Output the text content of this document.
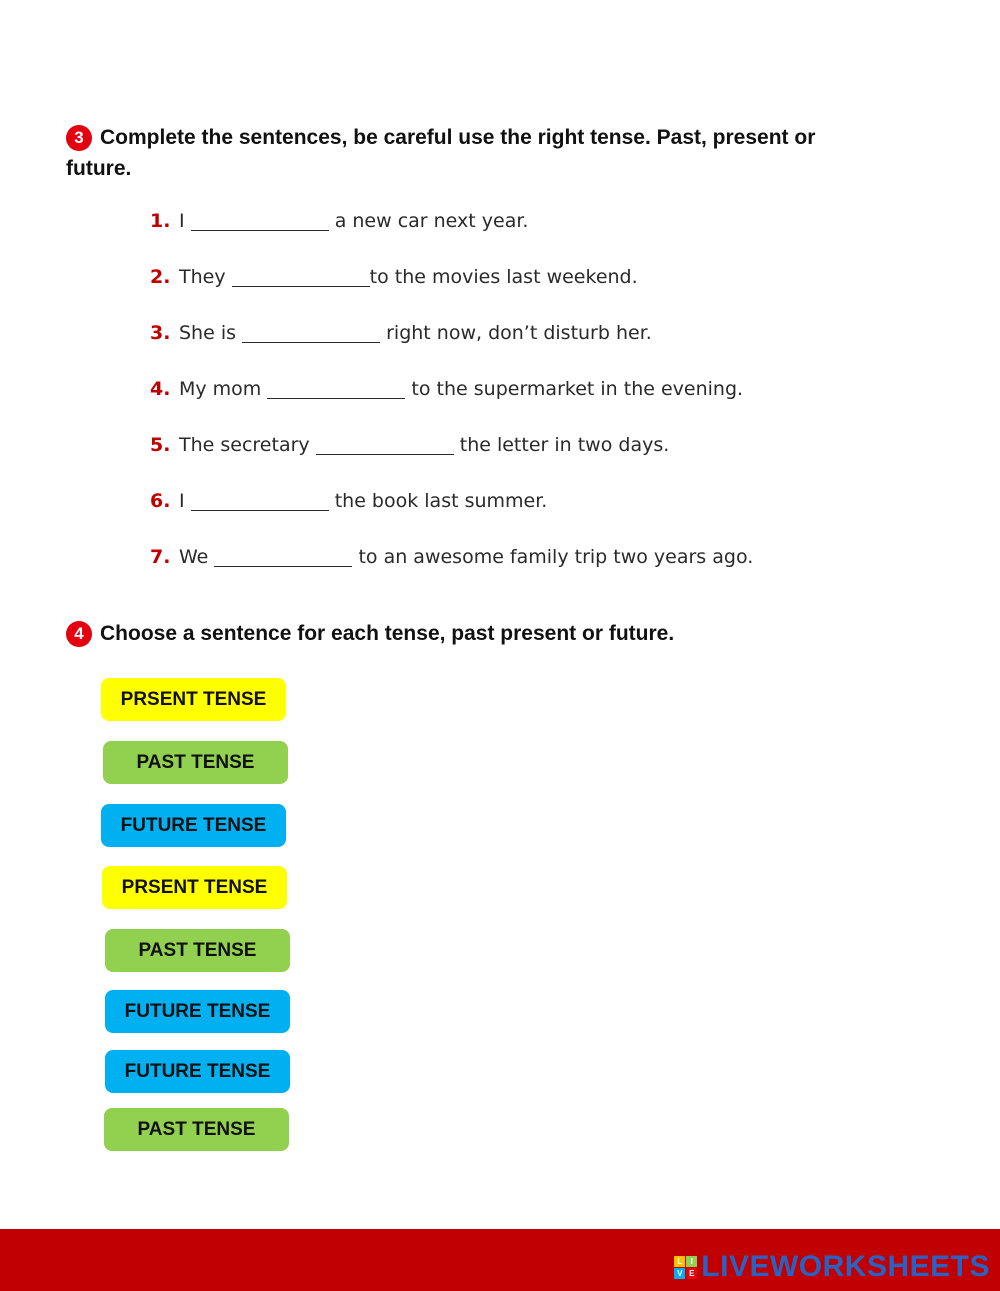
3 Complete the sentences, be careful use the right tense. Past, present or
future.
1. I	a new car next year.
2. They	to the movies last weekend.
3. She is	right now, don’t disturb her.
4. My mom	to the supermarket in the evening.
5. The secretary	the letter in two days.
6. I	the book last summer.
7. We	to an awesome family trip two years ago.
4 Choose a sentence for each tense, past present or future.
PRSENT TENSE
PAST TENSE
FUTURE TENSE
PRSENT TENSE
PAST TENSE
FUTURE TENSE
FUTURE TENSE
PAST TENSE
L	I
V E LIVEWORKSHEETS
